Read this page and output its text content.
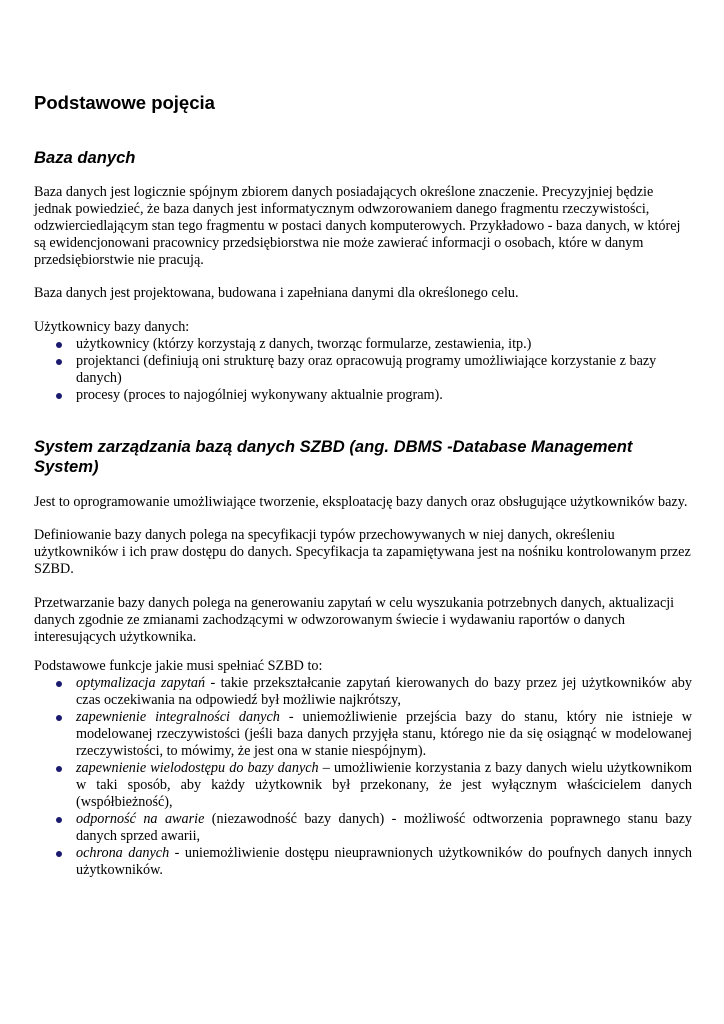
Podstawowe pojęcia
Baza danych

Baza danych jest logicznie spójnym zbiorem danych posiadających określone znaczenie. Precyzyjniej będzie jednak powiedzieć, że baza danych jest informatycznym odwzorowaniem danego fragmentu rzeczywistości, odzwierciedlającym stan tego fragmentu w postaci danych komputerowych. Przykładowo - baza danych, w której są ewidencjonowani pracownicy przedsiębiorstwa nie może zawierać informacji o osobach, które w danym przedsiębiorstwie nie pracują.

Baza danych jest projektowana, budowana i zapełniana danymi dla określonego celu.

Użytkownicy bazy danych:

użytkownicy (którzy korzystają z danych, tworząc formularze, zestawienia, itp.)
projektanci (definiują oni strukturę bazy oraz opracowują programy umożliwiające korzystanie z bazy danych)
procesy (proces to najogólniej wykonywany aktualnie program).
System zarządzania bazą danych SZBD (ang. DBMS -Database Management System)

Jest to oprogramowanie umożliwiające tworzenie, eksploatację bazy danych oraz obsługujące użytkowników bazy.

Definiowanie bazy danych polega na specyfikacji typów przechowywanych w niej danych, określeniu użytkowników i ich praw dostępu do danych. Specyfikacja ta zapamiętywana jest na nośniku kontrolowanym przez SZBD.

Przetwarzanie bazy danych polega na generowaniu zapytań w celu wyszukania potrzebnych danych, aktualizacji danych zgodnie ze zmianami zachodzącymi w odwzorowanym świecie i wydawaniu raportów o danych interesujących użytkownika.

Podstawowe funkcje jakie musi spełniać SZBD to:

optymalizacja zapytań - takie przekształcanie zapytań kierowanych do bazy przez jej użytkowników aby czas oczekiwania na odpowiedź był możliwie najkrótszy,
zapewnienie integralności danych - uniemożliwienie przejścia bazy do stanu, który nie istnieje w modelowanej rzeczywistości (jeśli baza danych przyjęła stanu, którego nie da się osiągnąć w modelowanej rzeczywistości, to mówimy, że jest ona w stanie niespójnym).
zapewnienie wielodostępu do bazy danych – umożliwienie korzystania z bazy danych wielu użytkownikom w taki sposób, aby każdy użytkownik był przekonany, że jest wyłącznym właścicielem danych (współbieżność),
odporność na awarie (niezawodność bazy danych) - możliwość odtworzenia poprawnego stanu bazy danych sprzed awarii,
ochrona danych - uniemożliwienie dostępu nieuprawnionych użytkowników do poufnych danych innych użytkowników.
